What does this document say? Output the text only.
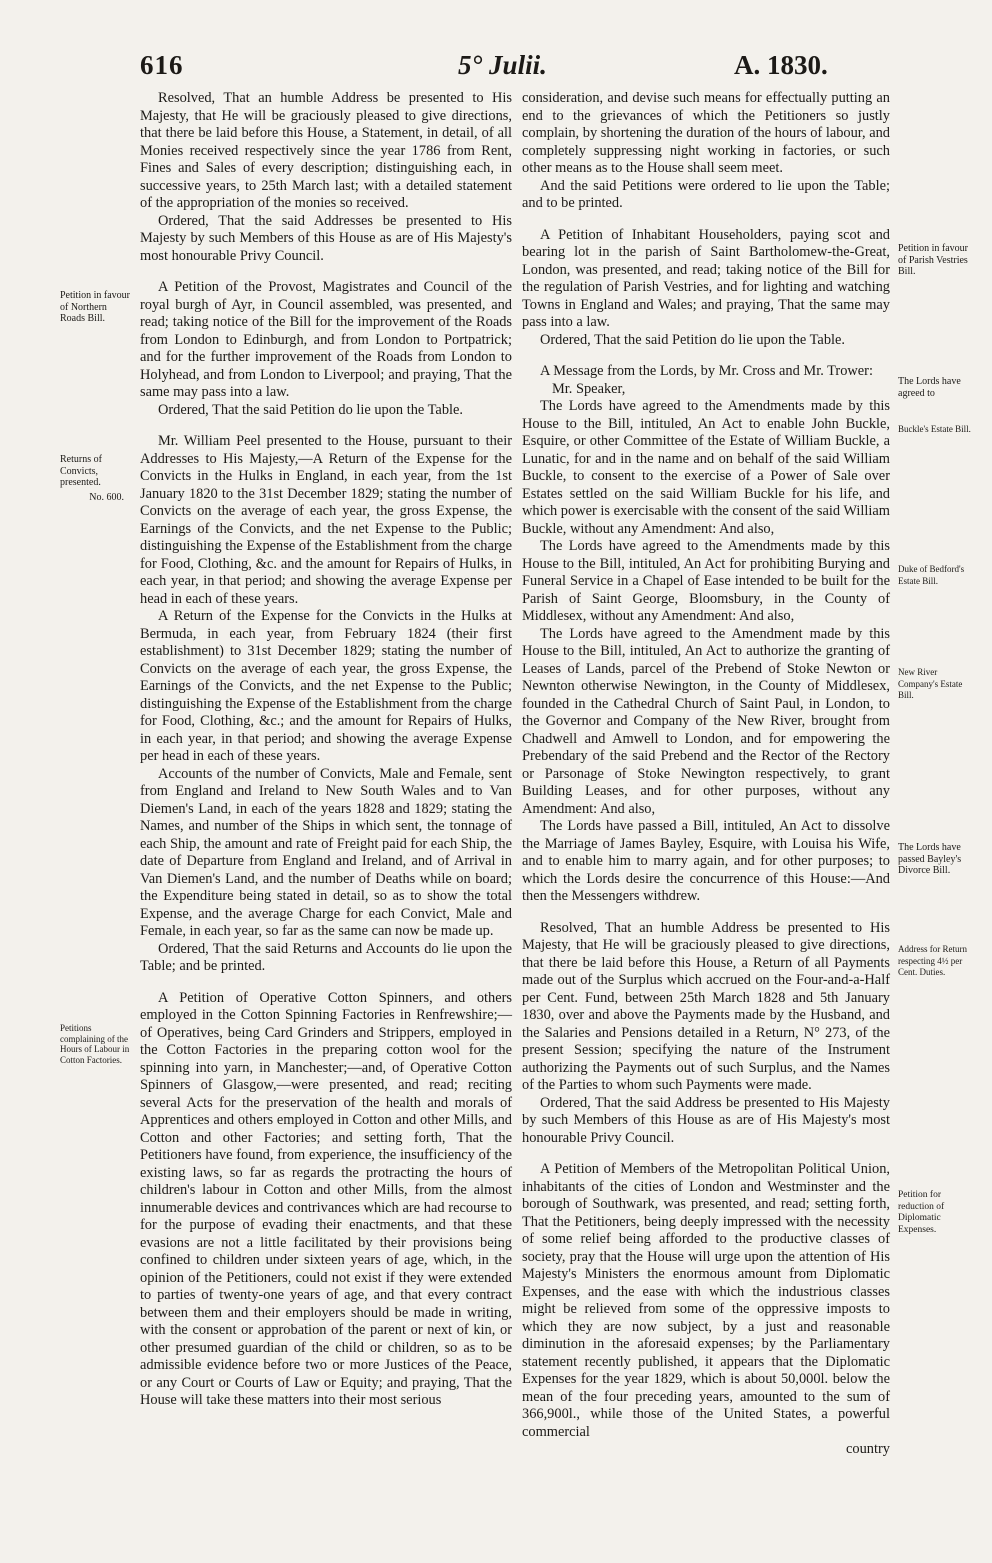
616	5° Julii.	A. 1830.
Petition in favour of Northern Roads Bill.
Returns of Convicts, presented.
No. 600.
Petitions complaining of the Hours of Labour in Cotton Factories.
Petition in favour of Parish Vestries Bill.
The Lords have agreed to
Buckle's Estate Bill.
Duke of Bedford's Estate Bill.
New River Company's Estate Bill.
The Lords have passed Bayley's Divorce Bill.
Address for Return respecting 4½ per Cent. Duties.
Petition for reduction of Diplomatic Expenses.

Resolved, That an humble Address be presented to His Majesty, that He will be graciously pleased to give directions, that there be laid before this House, a Statement, in detail, of all Monies received respectively since the year 1786 from Rent, Fines and Sales of every description; distinguishing each, in successive years, to 25th March last; with a detailed statement of the appropriation of the monies so received.

Ordered, That the said Addresses be presented to His Majesty by such Members of this House as are of His Majesty's most honourable Privy Council.

A Petition of the Provost, Magistrates and Council of the royal burgh of Ayr, in Council assembled, was presented, and read; taking notice of the Bill for the improvement of the Roads from London to Edinburgh, and from London to Portpatrick; and for the further improvement of the Roads from London to Holyhead, and from London to Liverpool; and praying, That the same may pass into a law.

Ordered, That the said Petition do lie upon the Table.

Mr. William Peel presented to the House, pursuant to their Addresses to His Majesty,—A Return of the Expense for the Convicts in the Hulks in England, in each year, from the 1st January 1820 to the 31st December 1829; stating the number of Convicts on the average of each year, the gross Expense, the Earnings of the Convicts, and the net Expense to the Public; distinguishing the Expense of the Establishment from the charge for Food, Clothing, &c. and the amount for Repairs of Hulks, in each year, in that period; and showing the average Expense per head in each of these years.

A Return of the Expense for the Convicts in the Hulks at Bermuda, in each year, from February 1824 (their first establishment) to 31st December 1829; stating the number of Convicts on the average of each year, the gross Expense, the Earnings of the Convicts, and the net Expense to the Public; distinguishing the Expense of the Establishment from the charge for Food, Clothing, &c.; and the amount for Repairs of Hulks, in each year, in that period; and showing the average Expense per head in each of these years.

Accounts of the number of Convicts, Male and Female, sent from England and Ireland to New South Wales and to Van Diemen's Land, in each of the years 1828 and 1829; stating the Names, and number of the Ships in which sent, the tonnage of each Ship, the amount and rate of Freight paid for each Ship, the date of Departure from England and Ireland, and of Arrival in Van Diemen's Land, and the number of Deaths while on board; the Expenditure being stated in detail, so as to show the total Expense, and the average Charge for each Convict, Male and Female, in each year, so far as the same can now be made up.

Ordered, That the said Returns and Accounts do lie upon the Table; and be printed.

A Petition of Operative Cotton Spinners, and others employed in the Cotton Spinning Factories in Renfrewshire;—of Operatives, being Card Grinders and Strippers, employed in the Cotton Factories in the preparing cotton wool for the spinning into yarn, in Manchester;—and, of Operative Cotton Spinners of Glasgow,—were presented, and read; reciting several Acts for the preservation of the health and morals of Apprentices and others employed in Cotton and other Mills, and Cotton and other Factories; and setting forth, That the Petitioners have found, from experience, the insufficiency of the existing laws, so far as regards the protracting the hours of children's labour in Cotton and other Mills, from the almost innumerable devices and contrivances which are had recourse to for the purpose of evading their enactments, and that these evasions are not a little facilitated by their provisions being confined to children under sixteen years of age, which, in the opinion of the Petitioners, could not exist if they were extended to parties of twenty-one years of age, and that every contract between them and their employers should be made in writing, with the consent or approbation of the parent or next of kin, or other presumed guardian of the child or children, so as to be admissible evidence before two or more Justices of the Peace, or any Court or Courts of Law or Equity; and praying, That the House will take these matters into their most serious

consideration, and devise such means for effectually putting an end to the grievances of which the Petitioners so justly complain, by shortening the duration of the hours of labour, and completely suppressing night working in factories, or such other means as to the House shall seem meet.

And the said Petitions were ordered to lie upon the Table; and to be printed.

A Petition of Inhabitant Householders, paying scot and bearing lot in the parish of Saint Bartholomew-the-Great, London, was presented, and read; taking notice of the Bill for the regulation of Parish Vestries, and for lighting and watching Towns in England and Wales; and praying, That the same may pass into a law.

Ordered, That the said Petition do lie upon the Table.

A Message from the Lords, by Mr. Cross and Mr. Trower:

Mr. Speaker,

The Lords have agreed to the Amendments made by this House to the Bill, intituled, An Act to enable John Buckle, Esquire, or other Committee of the Estate of William Buckle, a Lunatic, for and in the name and on behalf of the said William Buckle, to consent to the exercise of a Power of Sale over Estates settled on the said William Buckle for his life, and which power is exercisable with the consent of the said William Buckle, without any Amendment: And also,

The Lords have agreed to the Amendments made by this House to the Bill, intituled, An Act for prohibiting Burying and Funeral Service in a Chapel of Ease intended to be built for the Parish of Saint George, Bloomsbury, in the County of Middlesex, without any Amendment: And also,

The Lords have agreed to the Amendment made by this House to the Bill, intituled, An Act to authorize the granting of Leases of Lands, parcel of the Prebend of Stoke Newton or Newnton otherwise Newington, in the County of Middlesex, founded in the Cathedral Church of Saint Paul, in London, to the Governor and Company of the New River, brought from Chadwell and Amwell to London, and for empowering the Prebendary of the said Prebend and the Rector of the Rectory or Parsonage of Stoke Newington respectively, to grant Building Leases, and for other purposes, without any Amendment: And also,

The Lords have passed a Bill, intituled, An Act to dissolve the Marriage of James Bayley, Esquire, with Louisa his Wife, and to enable him to marry again, and for other purposes; to which the Lords desire the concurrence of this House:—And then the Messengers withdrew.

Resolved, That an humble Address be presented to His Majesty, that He will be graciously pleased to give directions, that there be laid before this House, a Return of all Payments made out of the Surplus which accrued on the Four-and-a-Half per Cent. Fund, between 25th March 1828 and 5th January 1830, over and above the Payments made by the Husband, and the Salaries and Pensions detailed in a Return, N° 273, of the present Session; specifying the nature of the Instrument authorizing the Payments out of such Surplus, and the Names of the Parties to whom such Payments were made.

Ordered, That the said Address be presented to His Majesty by such Members of this House as are of His Majesty's most honourable Privy Council.

A Petition of Members of the Metropolitan Political Union, inhabitants of the cities of London and Westminster and the borough of Southwark, was presented, and read; setting forth, That the Petitioners, being deeply impressed with the necessity of some relief being afforded to the productive classes of society, pray that the House will urge upon the attention of His Majesty's Ministers the enormous amount from Diplomatic Expenses, and the ease with which the industrious classes might be relieved from some of the oppressive imposts to which they are now subject, by a just and reasonable diminution in the aforesaid expenses; by the Parliamentary statement recently published, it appears that the Diplomatic Expenses for the year 1829, which is about 50,000l. below the mean of the four preceding years, amounted to the sum of 366,900l., while those of the United States, a powerful commercial

country
